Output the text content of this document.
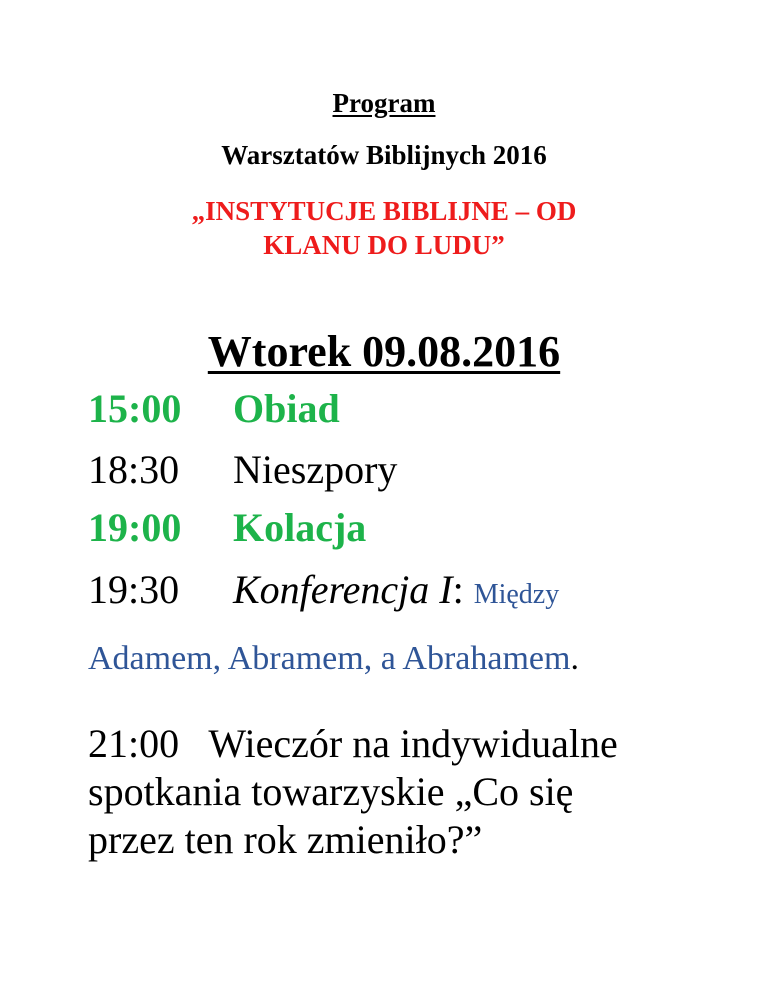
Program
Warsztatów Biblijnych 2016
„INSTYTUCJE BIBLIJNE – OD
KLANU DO LUDU”
Wtorek 09.08.2016
15:00 Obiad
18:30 Nieszpory
19:00 Kolacja
19:30 Konferencja I: Między
Adamem, Abramem, a Abrahamem.
21:00   Wieczór na indywidualne
spotkania towarzyskie „Co się
przez ten rok zmieniło?”
